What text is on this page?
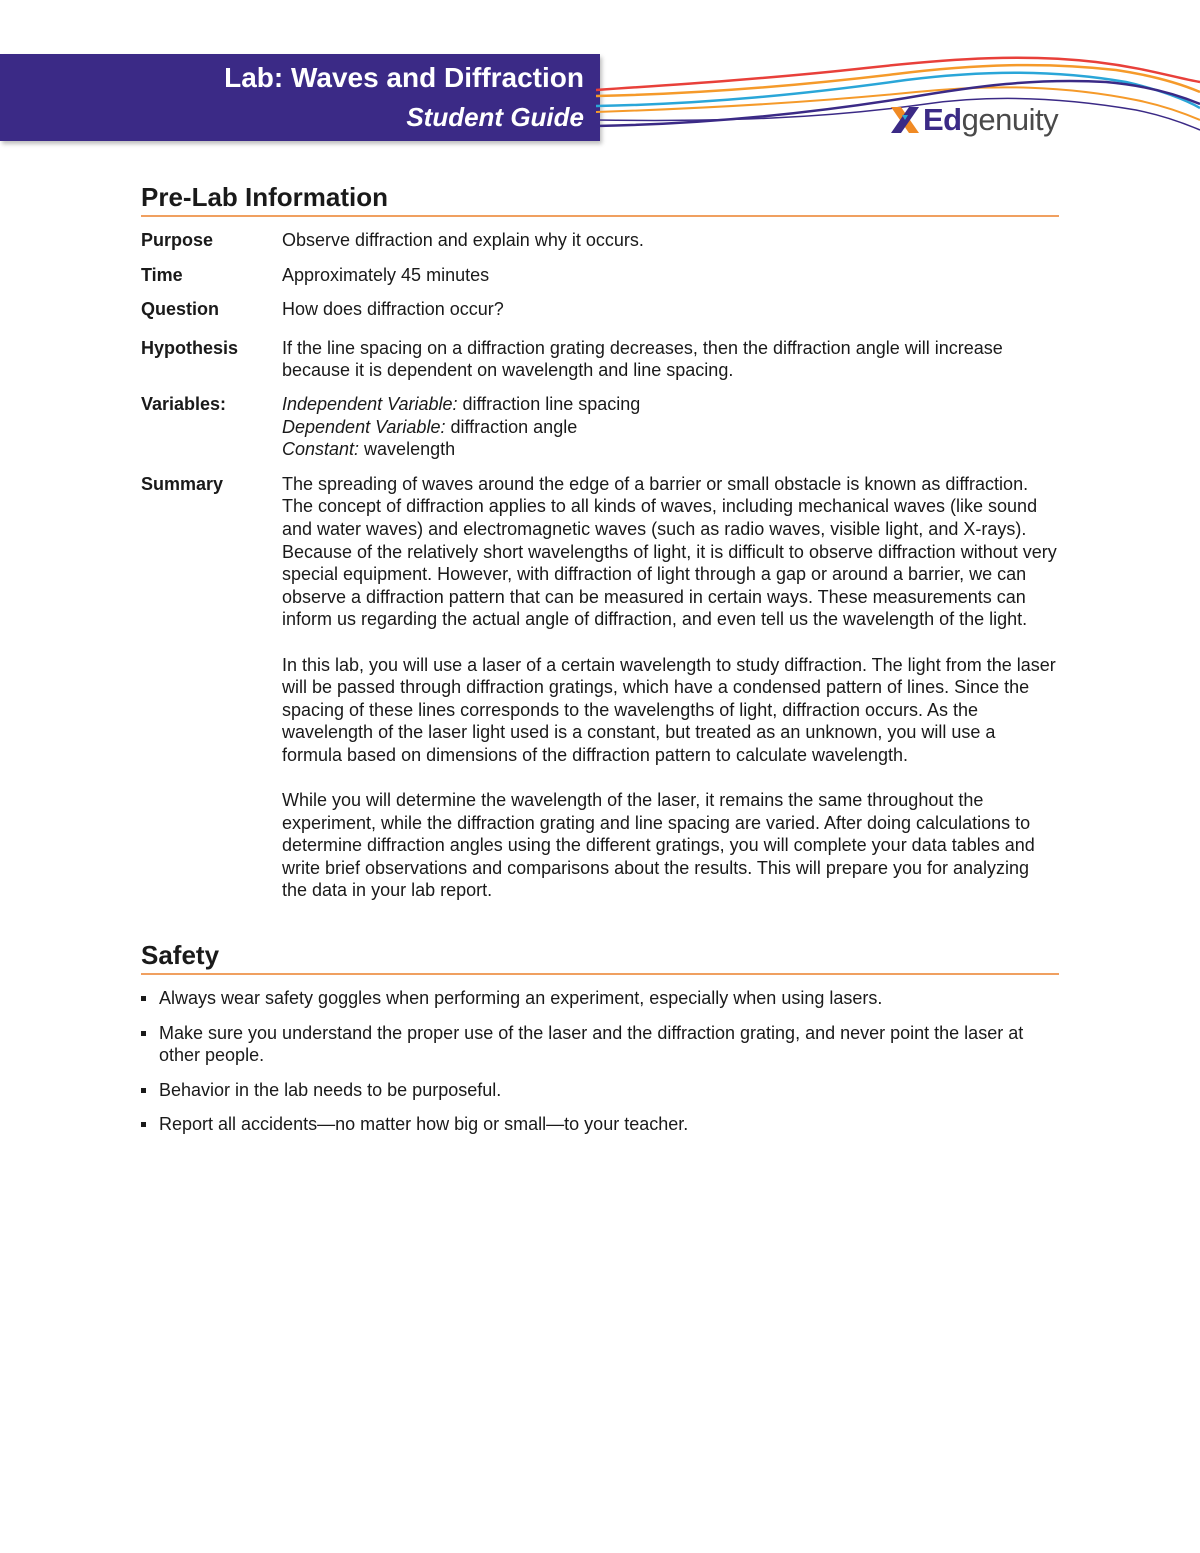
Lab: Waves and Diffraction
Student Guide	Edgenuity
Pre-Lab Information
Purpose	Observe diffraction and explain why it occurs.
Time	Approximately 45 minutes
Question	How does diffraction occur?
Hypothesis	If the line spacing on a diffraction grating decreases, then the diffraction angle will increase because it is dependent on wavelength and line spacing.
Variables:	Independent Variable: diffraction line spacing

Dependent Variable: diffraction angle

Constant: wavelength

Summary	The spreading of waves around the edge of a barrier or small obstacle is known as diffraction. The concept of diffraction applies to all kinds of waves, including mechanical waves (like sound and water waves) and electromagnetic waves (such as radio waves, visible light, and X-rays). Because of the relatively short wavelengths of light, it is difficult to observe diffraction without very special equipment. However, with diffraction of light through a gap or around a barrier, we can observe a diffraction pattern that can be measured in certain ways. These measurements can inform us regarding the actual angle of diffraction, and even tell us the wavelength of the light.

In this lab, you will use a laser of a certain wavelength to study diffraction. The light from the laser will be passed through diffraction gratings, which have a condensed pattern of lines. Since the spacing of these lines corresponds to the wavelengths of light, diffraction occurs. As the wavelength of the laser light used is a constant, but treated as an unknown, you will use a formula based on dimensions of the diffraction pattern to calculate wavelength.

While you will determine the wavelength of the laser, it remains the same throughout the experiment, while the diffraction grating and line spacing are varied. After doing calculations to determine diffraction angles using the different gratings, you will complete your data tables and write brief observations and comparisons about the results. This will prepare you for analyzing the data in your lab report.

Safety
Always wear safety goggles when performing an experiment, especially when using lasers.
Make sure you understand the proper use of the laser and the diffraction grating, and never point the laser at other people.
Behavior in the lab needs to be purposeful.
Report all accidents—no matter how big or small—to your teacher.
